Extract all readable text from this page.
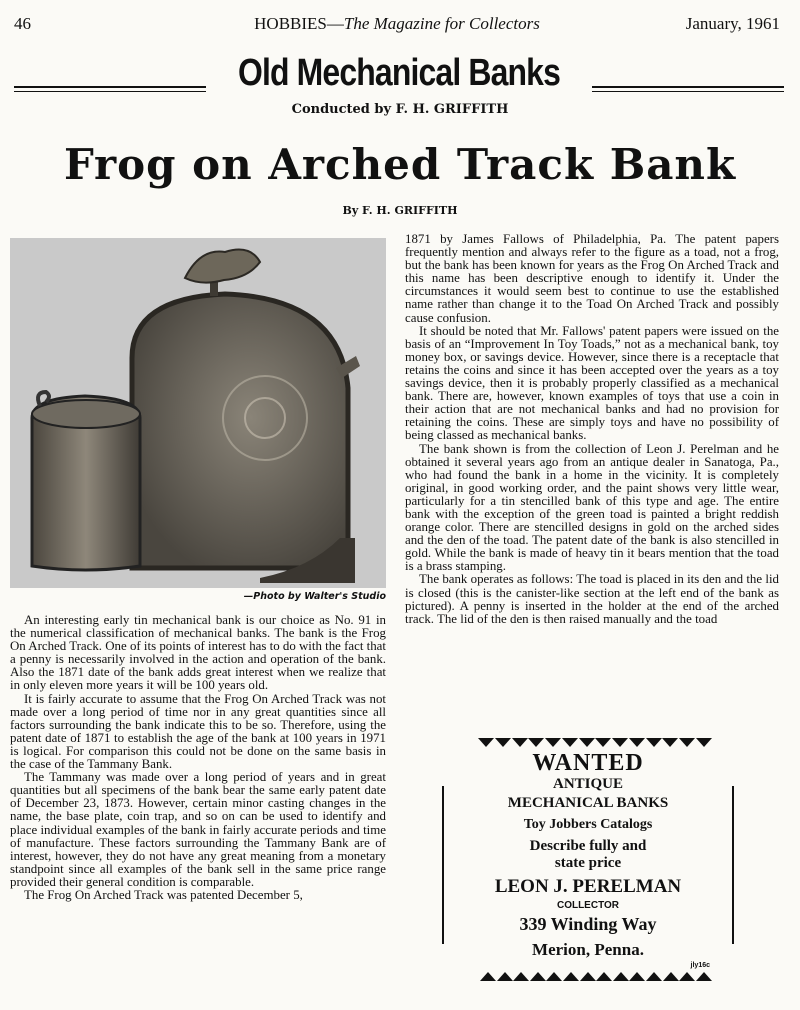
46	HOBBIES—The Magazine for Collectors	January, 1961
Old Mechanical Banks
Conducted by F. H. GRIFFITH
Frog on Arched Track Bank
By F. H. GRIFFITH
—Photo by Walter's Studio

An interesting early tin mechanical bank is our choice as No. 91 in the numerical classification of mechanical banks. The bank is the Frog On Arched Track. One of its points of interest has to do with the fact that a penny is necessarily involved in the action and operation of the bank. Also the 1871 date of the bank adds great interest when we realize that in only eleven more years it will be 100 years old.

It is fairly accurate to assume that the Frog On Arched Track was not made over a long period of time nor in any great quantities since all factors surrounding the bank indicate this to be so. Therefore, using the patent date of 1871 to establish the age of the bank at 100 years in 1971 is logical. For comparison this could not be done on the same basis in the case of the Tammany Bank.

The Tammany was made over a long period of years and in great quantities but all specimens of the bank bear the same early patent date of December 23, 1873. However, certain minor casting changes in the name, the base plate, coin trap, and so on can be used to identify and place individual examples of the bank in fairly accurate periods and time of manufacture. These factors surrounding the Tammany Bank are of interest, however, they do not have any great meaning from a monetary standpoint since all examples of the bank sell in the same price range provided their general condition is comparable.

The Frog On Arched Track was patented December 5,

1871 by James Fallows of Philadelphia, Pa. The patent papers frequently mention and always refer to the figure as a toad, not a frog, but the bank has been known for years as the Frog On Arched Track and this name has been descriptive enough to identify it. Under the circumstances it would seem best to continue to use the established name rather than change it to the Toad On Arched Track and possibly cause confusion.

It should be noted that Mr. Fallows' patent papers were issued on the basis of an “Improvement In Toy Toads,” not as a mechanical bank, toy money box, or savings device. However, since there is a receptacle that retains the coins and since it has been accepted over the years as a toy savings device, then it is probably properly classified as a mechanical bank. There are, however, known examples of toys that use a coin in their action that are not mechanical banks and had no provision for retaining the coins. These are simply toys and have no possibility of being classed as mechanical banks.

The bank shown is from the collection of Leon J. Perelman and he obtained it several years ago from an antique dealer in Sanatoga, Pa., who had found the bank in a home in the vicinity. It is completely original, in good working order, and the paint shows very little wear, particularly for a tin stencilled bank of this type and age. The entire bank with the exception of the green toad is painted a bright reddish orange color. There are stencilled designs in gold on the arched sides and the den of the toad. The patent date of the bank is also stencilled in gold. While the bank is made of heavy tin it bears mention that the toad is a brass stamping.

The bank operates as follows: The toad is placed in its den and the lid is closed (this is the canister-like section at the left end of the bank as pictured). A penny is inserted in the holder at the end of the arched track. The lid of the den is then raised manually and the toad

WANTED
ANTIQUE
MECHANICAL BANKS
Toy Jobbers Catalogs
Describe fully and
state price
LEON J. PERELMAN
COLLECTOR
339 Winding Way
Merion, Penna.
jly16c
